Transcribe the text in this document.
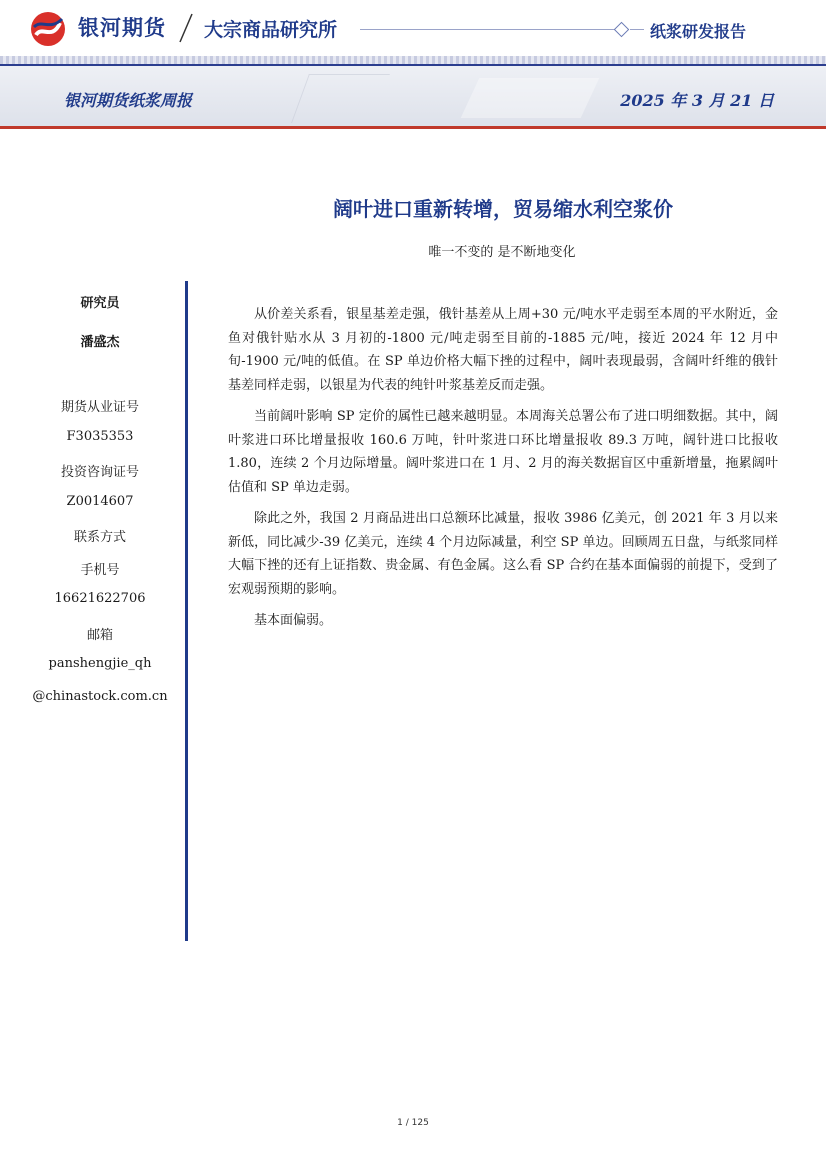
银河期货 大宗商品研究所	纸浆研发报告
银河期货纸浆周报	2025 年 3 月 21 日
阔叶进口重新转增，贸易缩水利空浆价
唯一不变的 是不断地变化
研究员
潘盛杰
期货从业证号
F3035353
投资咨询证号
Z0014607
联系方式
手机号
16621622706
邮箱
panshengjie_qh
@chinastock.com.cn

从价差关系看，银星基差走强，俄针基差从上周+30 元/吨水平走弱至本周的平水附近，金鱼对俄针贴水从 3 月初的-1800 元/吨走弱至目前的-1885 元/吨，接近 2024 年 12 月中旬-1900 元/吨的低值。在 SP 单边价格大幅下挫的过程中，阔叶表现最弱，含阔叶纤维的俄针基差同样走弱，以银星为代表的纯针叶浆基差反而走强。

当前阔叶影响 SP 定价的属性已越来越明显。本周海关总署公布了进口明细数据。其中，阔叶浆进口环比增量报收 160.6 万吨，针叶浆进口环比增量报收 89.3 万吨，阔针进口比报收 1.80，连续 2 个月边际增量。阔叶浆进口在 1 月、2 月的海关数据盲区中重新增量，拖累阔叶估值和 SP 单边走弱。

除此之外，我国 2 月商品进出口总额环比减量，报收 3986 亿美元，创 2021 年 3 月以来新低，同比减少-39 亿美元，连续 4 个月边际减量，利空 SP 单边。回顾周五日盘，与纸浆同样大幅下挫的还有上证指数、贵金属、有色金属。这么看 SP 合约在基本面偏弱的前提下，受到了宏观弱预期的影响。

基本面偏弱。

1 / 125
